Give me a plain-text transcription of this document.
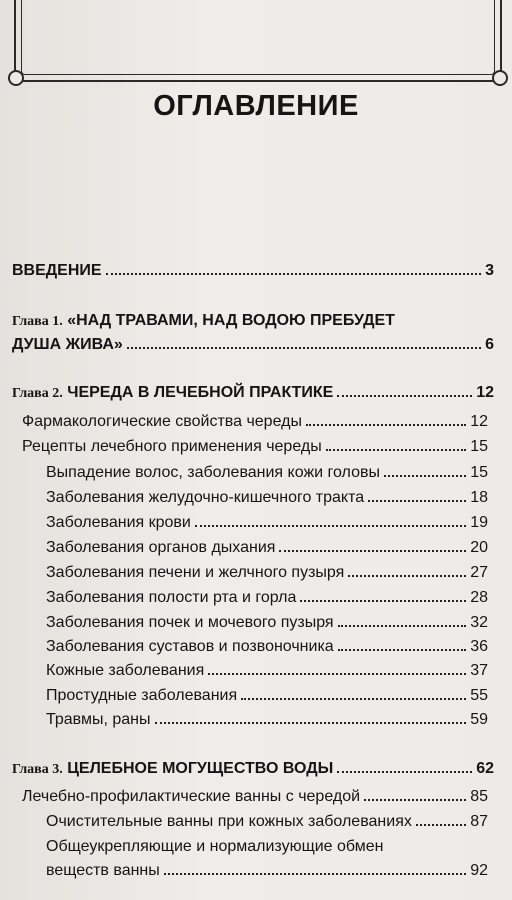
ОГЛАВЛЕНИЕ
ВВЕДЕНИЕ	3
Глава 1. «НАД ТРАВАМИ, НАД ВОДОЮ ПРЕБУДЕТ
ДУША ЖИВА»	6
Глава 2. ЧЕРЕДА В ЛЕЧЕБНОЙ ПРАКТИКЕ	12
Фармакологические свойства череды	12
Рецепты лечебного применения череды	15
Выпадение волос, заболевания кожи головы	15
Заболевания желудочно-кишечного тракта	18
Заболевания крови	19
Заболевания органов дыхания	20
Заболевания печени и желчного пузыря	27
Заболевания полости рта и горла	28
Заболевания почек и мочевого пузыря	32
Заболевания суставов и позвоночника	36
Кожные заболевания	37
Простудные заболевания	55
Травмы, раны	59
Глава 3. ЦЕЛЕБНОЕ МОГУЩЕСТВО ВОДЫ	62
Лечебно-профилактические ванны с чередой	85
Очистительные ванны при кожных заболеваниях	87
Общеукрепляющие и нормализующие обмен
веществ ванны	92
